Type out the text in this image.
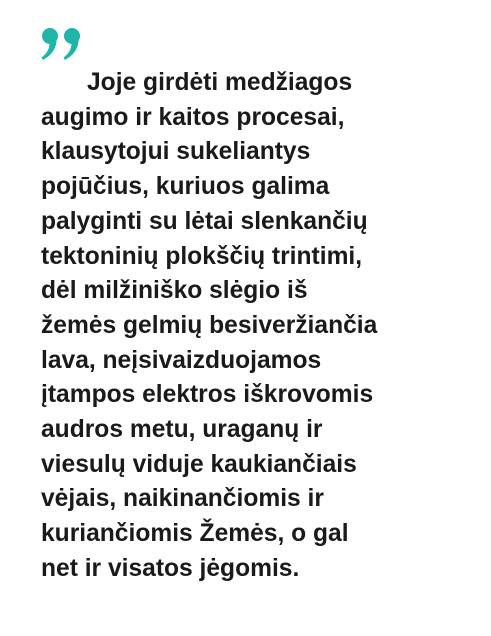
Joje girdėti medžiagos
augimo ir kaitos procesai,
klausytojui sukeliantys
pojūčius, kuriuos galima
palyginti su lėtai slenkančių
tektoninių plokščių trintimi,
dėl milžiniško slėgio iš
žemės gelmių besiveržiančia
lava, neįsivaizduojamos
įtampos elektros iškrovomis
audros metu, uraganų ir
viesulų viduje kaukiančiais
vėjais, naikinančiomis ir
kuriančiomis Žemės, o gal
net ir visatos jėgomis.
